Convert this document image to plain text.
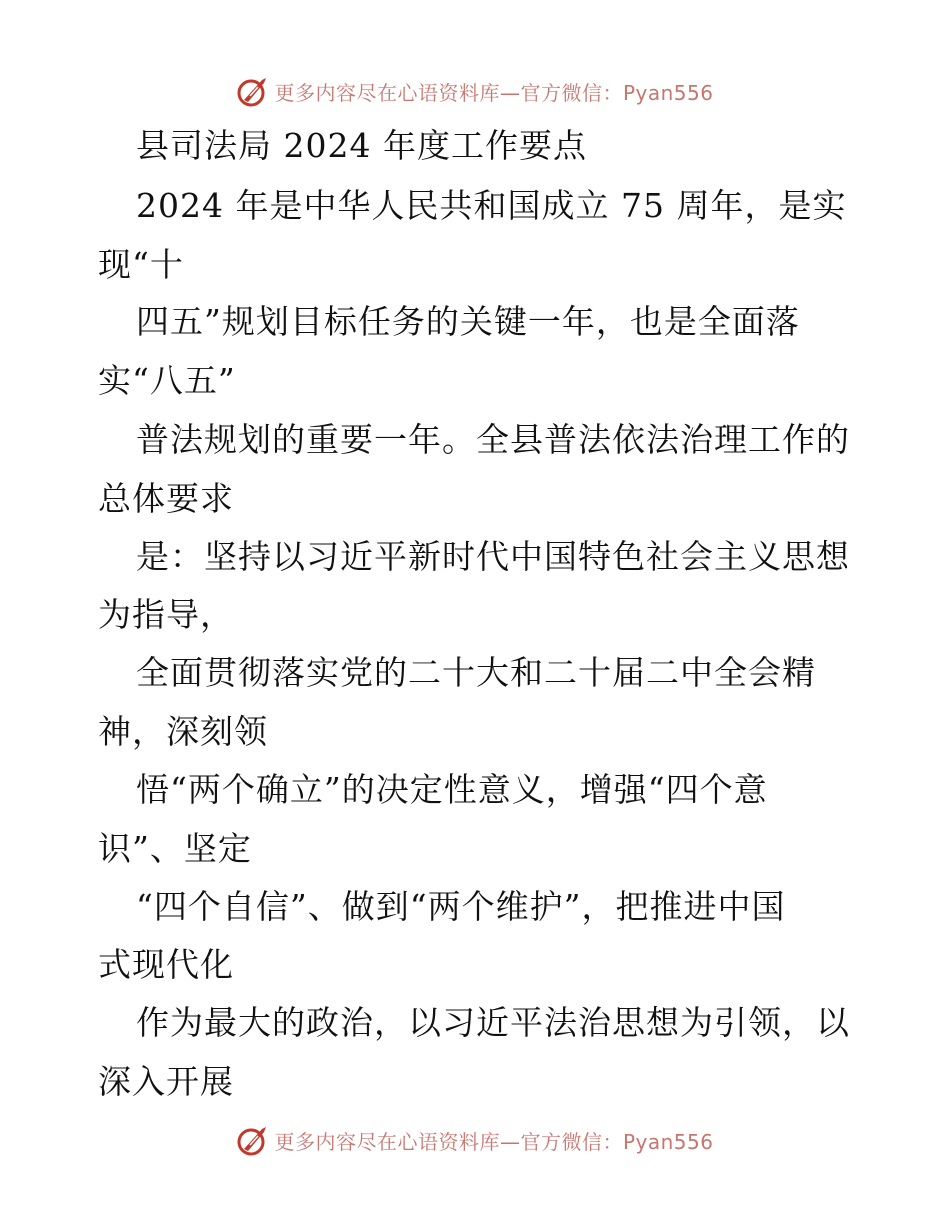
更多内容尽在心语资料库—官方微信：Pyan556
县司法局 2024 年度工作要点
2024 年是中华人民共和国成立 75 周年，是实
现“十
四五”规划目标任务的关键一年，也是全面落
实“八五”
普法规划的重要一年。全县普法依法治理工作的
总体要求
是：坚持以习近平新时代中国特色社会主义思想
为指导，
全面贯彻落实党的二十大和二十届二中全会精
神，深刻领
悟“两个确立”的决定性意义，增强“四个意
识”、坚定
“四个自信”、做到“两个维护”，把推进中国
式现代化
作为最大的政治，以习近平法治思想为引领，以
深入开展
更多内容尽在心语资料库—官方微信：Pyan556
